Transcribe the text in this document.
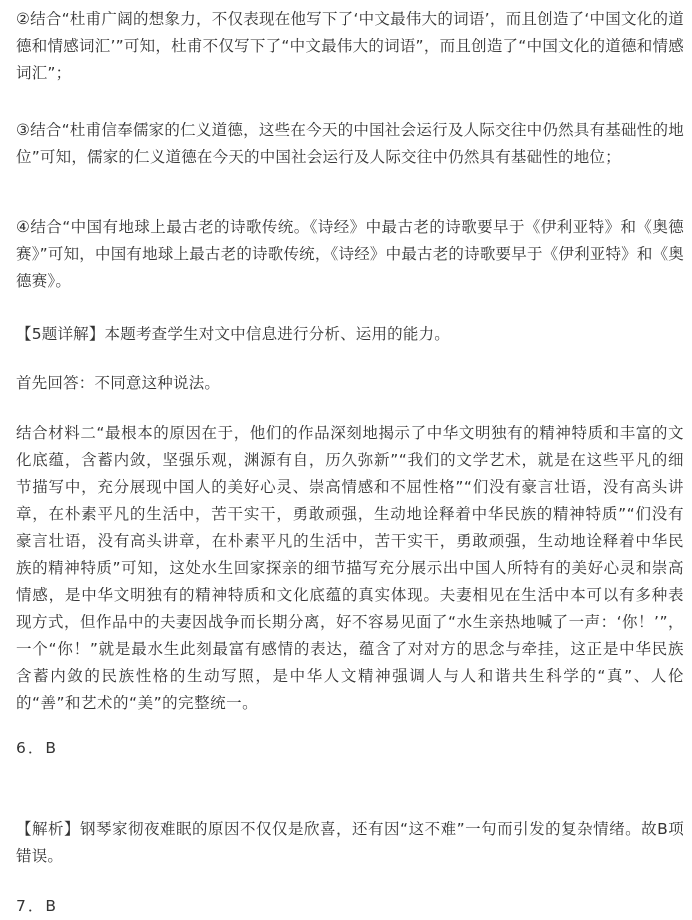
②结合“杜甫广阔的想象力，不仅表现在他写下了‘中文最伟大的词语’，而且创造了‘中国文化的道德和情感词汇’”可知，杜甫不仅写下了“中文最伟大的词语”，而且创造了“中国文化的道德和情感词汇”；

③结合“杜甫信奉儒家的仁义道德，这些在今天的中国社会运行及人际交往中仍然具有基础性的地位”可知，儒家的仁义道德在今天的中国社会运行及人际交往中仍然具有基础性的地位；

④结合“中国有地球上最古老的诗歌传统。《诗经》中最古老的诗歌要早于《伊利亚特》和《奥德赛》”可知，中国有地球上最古老的诗歌传统，《诗经》中最古老的诗歌要早于《伊利亚特》和《奥德赛》。

【5题详解】本题考查学生对文中信息进行分析、运用的能力。

首先回答：不同意这种说法。

结合材料二“最根本的原因在于，他们的作品深刻地揭示了中华文明独有的精神特质和丰富的文化底蕴，含蓄内敛，坚强乐观，渊源有自，历久弥新”“我们的文学艺术，就是在这些平凡的细节描写中，充分展现中国人的美好心灵、崇高情感和不屈性格”“们没有豪言壮语，没有高头讲章，在朴素平凡的生活中，苦干实干，勇敢顽强，生动地诠释着中华民族的精神特质”“们没有豪言壮语，没有高头讲章，在朴素平凡的生活中，苦干实干，勇敢顽强，生动地诠释着中华民族的精神特质”可知，这处水生回家探亲的细节描写充分展示出中国人所特有的美好心灵和崇高情感，是中华文明独有的精神特质和文化底蕴的真实体现。夫妻相见在生活中本可以有多种表现方式，但作品中的夫妻因战争而长期分离，好不容易见面了“水生亲热地喊了一声：‘你！’”，一个“你！”就是最水生此刻最富有感情的表达，蕴含了对对方的思念与牵挂，这正是中华民族含蓄内敛的民族性格的生动写照，是中华人文精神强调人与人和谐共生科学的“真”、人伦的“善”和艺术的“美”的完整统一。

6．B

【解析】钢琴家彻夜难眠的原因不仅仅是欣喜，还有因“这不难”一句而引发的复杂情绪。故B项错误。

7．B
